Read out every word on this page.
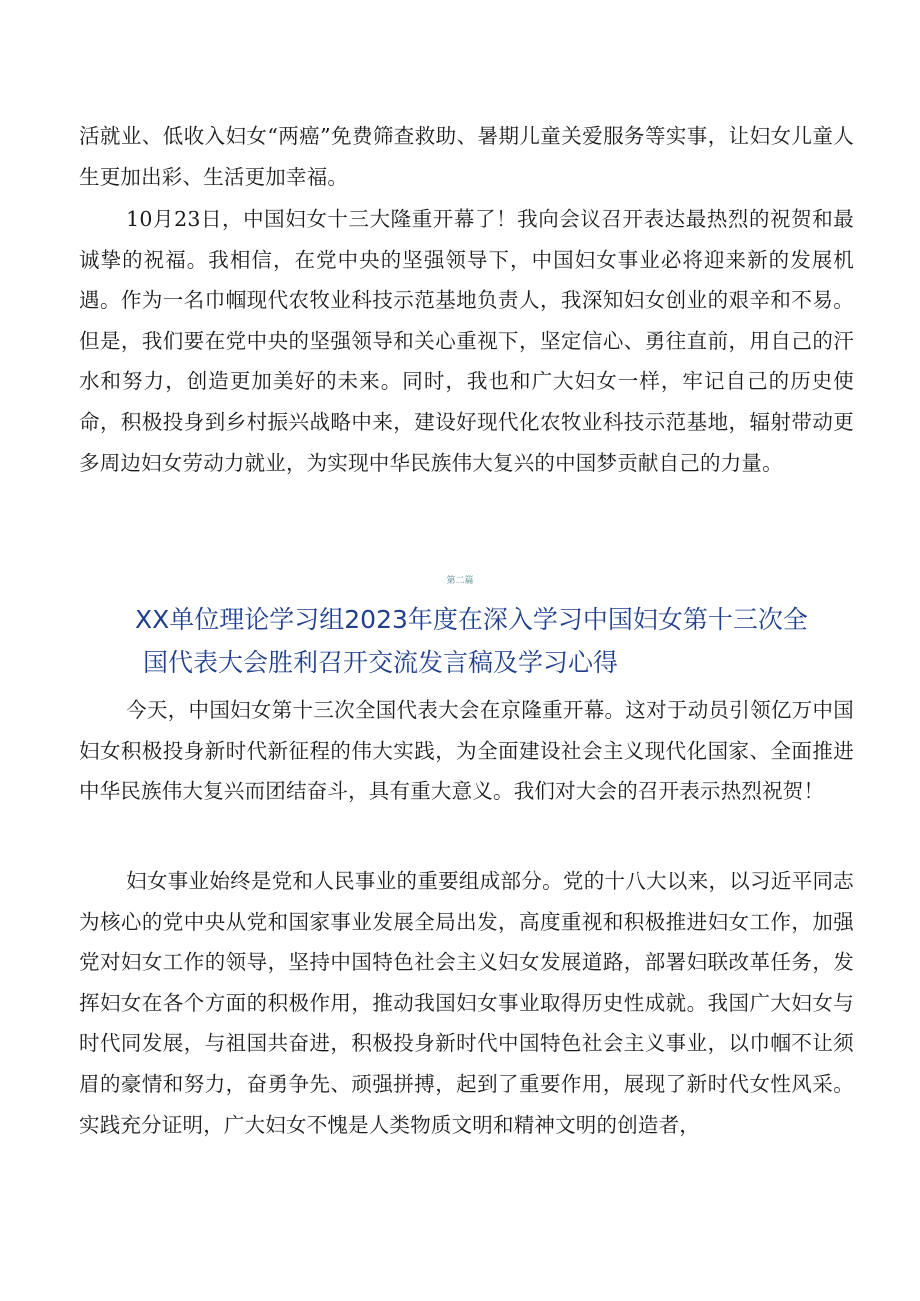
活就业、低收入妇女“两癌”免费筛查救助、暑期儿童关爱服务等实事，让妇女儿童人生更加出彩、生活更加幸福。

10月23日，中国妇女十三大隆重开幕了！我向会议召开表达最热烈的祝贺和最诚挚的祝福。我相信，在党中央的坚强领导下，中国妇女事业必将迎来新的发展机遇。作为一名巾帼现代农牧业科技示范基地负责人，我深知妇女创业的艰辛和不易。但是，我们要在党中央的坚强领导和关心重视下，坚定信心、勇往直前，用自己的汗水和努力，创造更加美好的未来。同时，我也和广大妇女一样，牢记自己的历史使命，积极投身到乡村振兴战略中来，建设好现代化农牧业科技示范基地，辐射带动更多周边妇女劳动力就业，为实现中华民族伟大复兴的中国梦贡献自己的力量。

第二篇

XX单位理论学习组2023年度在深入学习中国妇女第十三次全
国代表大会胜利召开交流发言稿及学习心得

今天，中国妇女第十三次全国代表大会在京隆重开幕。这对于动员引领亿万中国妇女积极投身新时代新征程的伟大实践，为全面建设社会主义现代化国家、全面推进中华民族伟大复兴而团结奋斗，具有重大意义。我们对大会的召开表示热烈祝贺！

妇女事业始终是党和人民事业的重要组成部分。党的十八大以来，以习近平同志为核心的党中央从党和国家事业发展全局出发，高度重视和积极推进妇女工作，加强党对妇女工作的领导，坚持中国特色社会主义妇女发展道路，部署妇联改革任务，发挥妇女在各个方面的积极作用，推动我国妇女事业取得历史性成就。我国广大妇女与时代同发展，与祖国共奋进，积极投身新时代中国特色社会主义事业，以巾帼不让须眉的豪情和努力，奋勇争先、顽强拼搏，起到了重要作用，展现了新时代女性风采。实践充分证明，广大妇女不愧是人类物质文明和精神文明的创造者，
